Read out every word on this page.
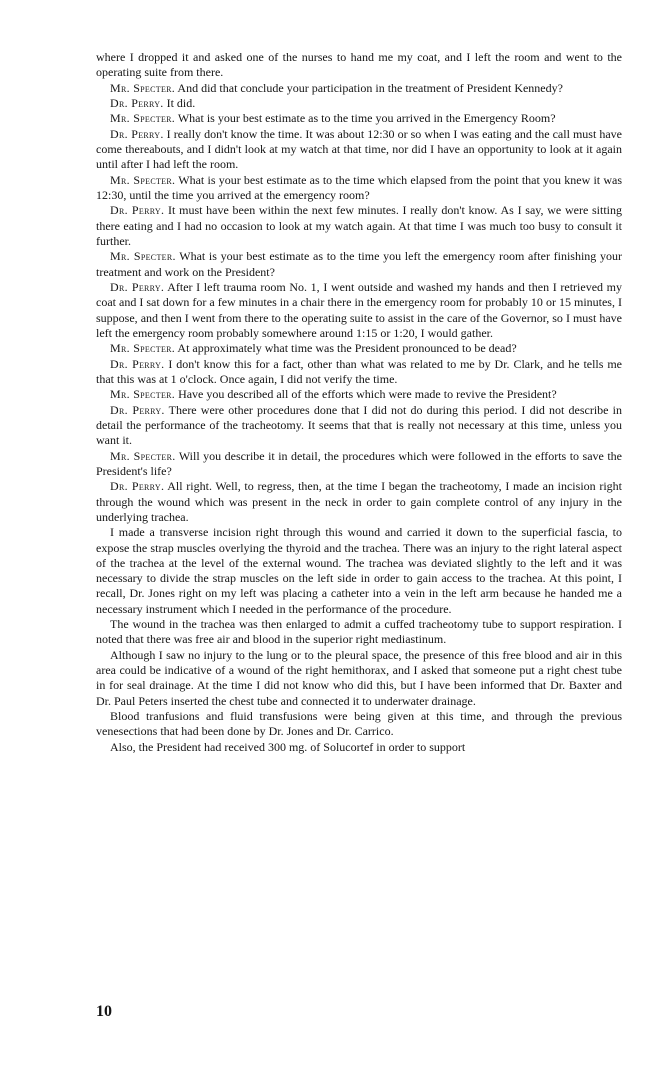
where I dropped it and asked one of the nurses to hand me my coat, and I left the room and went to the operating suite from there.

Mr. Specter. And did that conclude your participation in the treatment of President Kennedy?

Dr. Perry. It did.

Mr. Specter. What is your best estimate as to the time you arrived in the Emergency Room?

Dr. Perry. I really don't know the time. It was about 12:30 or so when I was eating and the call must have come thereabouts, and I didn't look at my watch at that time, nor did I have an opportunity to look at it again until after I had left the room.

Mr. Specter. What is your best estimate as to the time which elapsed from the point that you knew it was 12:30, until the time you arrived at the emergency room?

Dr. Perry. It must have been within the next few minutes. I really don't know. As I say, we were sitting there eating and I had no occasion to look at my watch again. At that time I was much too busy to consult it further.

Mr. Specter. What is your best estimate as to the time you left the emergency room after finishing your treatment and work on the President?

Dr. Perry. After I left trauma room No. 1, I went outside and washed my hands and then I retrieved my coat and I sat down for a few minutes in a chair there in the emergency room for probably 10 or 15 minutes, I suppose, and then I went from there to the operating suite to assist in the care of the Governor, so I must have left the emergency room probably somewhere around 1:15 or 1:20, I would gather.

Mr. Specter. At approximately what time was the President pronounced to be dead?

Dr. Perry. I don't know this for a fact, other than what was related to me by Dr. Clark, and he tells me that this was at 1 o'clock. Once again, I did not verify the time.

Mr. Specter. Have you described all of the efforts which were made to revive the President?

Dr. Perry. There were other procedures done that I did not do during this period. I did not describe in detail the performance of the tracheotomy. It seems that that is really not necessary at this time, unless you want it.

Mr. Specter. Will you describe it in detail, the procedures which were followed in the efforts to save the President's life?

Dr. Perry. All right. Well, to regress, then, at the time I began the tracheotomy, I made an incision right through the wound which was present in the neck in order to gain complete control of any injury in the underlying trachea.

I made a transverse incision right through this wound and carried it down to the superficial fascia, to expose the strap muscles overlying the thyroid and the trachea. There was an injury to the right lateral aspect of the trachea at the level of the external wound. The trachea was deviated slightly to the left and it was necessary to divide the strap muscles on the left side in order to gain access to the trachea. At this point, I recall, Dr. Jones right on my left was placing a catheter into a vein in the left arm because he handed me a necessary instrument which I needed in the performance of the procedure.

The wound in the trachea was then enlarged to admit a cuffed tracheotomy tube to support respiration. I noted that there was free air and blood in the superior right mediastinum.

Although I saw no injury to the lung or to the pleural space, the presence of this free blood and air in this area could be indicative of a wound of the right hemithorax, and I asked that someone put a right chest tube in for seal drainage. At the time I did not know who did this, but I have been informed that Dr. Baxter and Dr. Paul Peters inserted the chest tube and connected it to underwater drainage.

Blood tranfusions and fluid transfusions were being given at this time, and through the previous venesections that had been done by Dr. Jones and Dr. Carrico.

Also, the President had received 300 mg. of Solucortef in order to support

10
